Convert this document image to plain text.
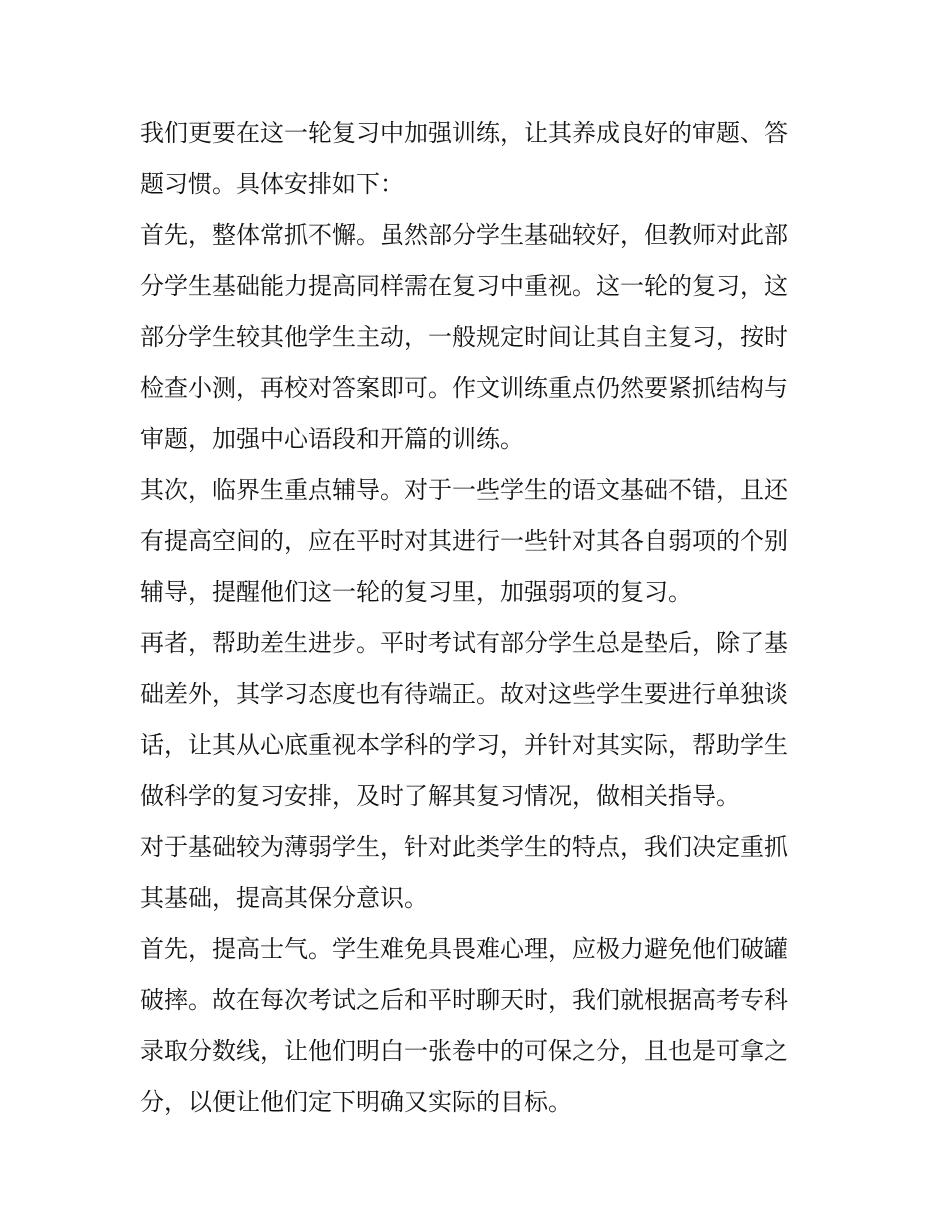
我们更要在这一轮复习中加强训练，让其养成良好的审题、答
题习惯。具体安排如下：

首先，整体常抓不懈。虽然部分学生基础较好，但教师对此部
分学生基础能力提高同样需在复习中重视。这一轮的复习，这
部分学生较其他学生主动，一般规定时间让其自主复习，按时
检查小测，再校对答案即可。作文训练重点仍然要紧抓结构与
审题，加强中心语段和开篇的训练。

其次，临界生重点辅导。对于一些学生的语文基础不错，且还
有提高空间的，应在平时对其进行一些针对其各自弱项的个别
辅导，提醒他们这一轮的复习里，加强弱项的复习。

再者，帮助差生进步。平时考试有部分学生总是垫后，除了基
础差外，其学习态度也有待端正。故对这些学生要进行单独谈
话，让其从心底重视本学科的学习，并针对其实际，帮助学生
做科学的复习安排，及时了解其复习情况，做相关指导。

对于基础较为薄弱学生，针对此类学生的特点，我们决定重抓
其基础，提高其保分意识。

首先，提高士气。学生难免具畏难心理，应极力避免他们破罐
破摔。故在每次考试之后和平时聊天时，我们就根据高考专科
录取分数线，让他们明白一张卷中的可保之分，且也是可拿之
分，以便让他们定下明确又实际的目标。
